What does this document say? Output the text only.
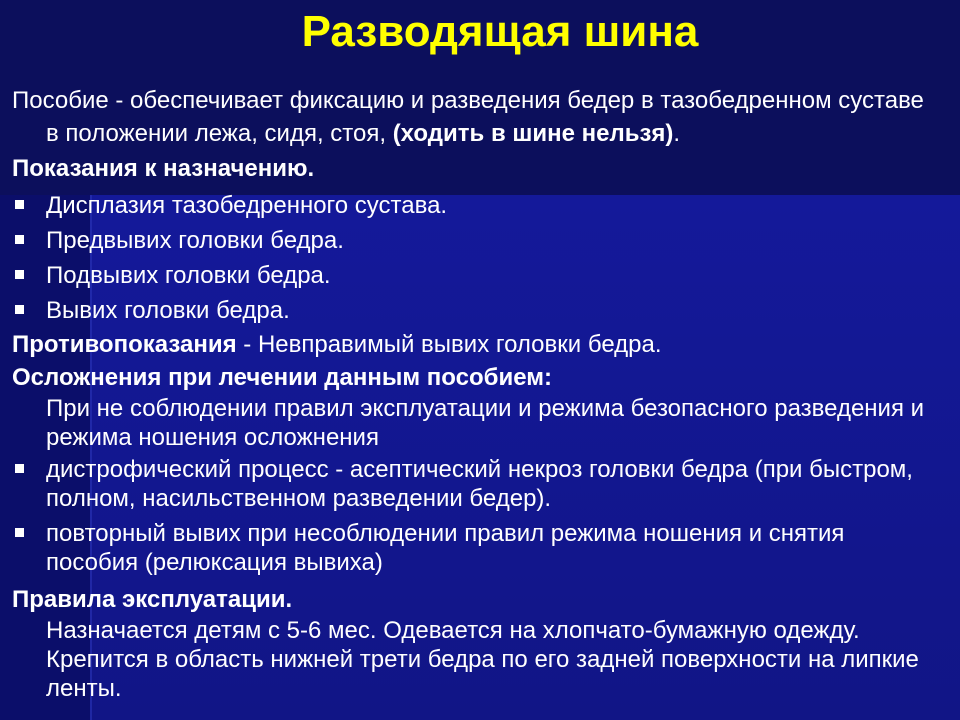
Разводящая шина
Пособие - обеспечивает фиксацию и разведения бедер в тазобедренном суставе в положении лежа, сидя, стоя, (ходить в шине нельзя).
Показания к назначению.
Дисплазия тазобедренного сустава.
Предвывих головки бедра.
Подвывих головки бедра.
Вывих головки бедра.
Противопоказания - Невправимый вывих головки бедра.
Осложнения при лечении данным пособием:
При не соблюдении правил эксплуатации и режима безопасного разведения и режима ношения осложнения
дистрофический процесс - асептический некроз головки бедра (при быстром, полном, насильственном разведении бедер).
повторный вывих при несоблюдении правил режима ношения и снятия пособия (релюксация вывиха)
Правила эксплуатации.
Назначается детям с 5-6 мес. Одевается на хлопчато-бумажную одежду. Крепится в область нижней трети бедра по его задней поверхности на липкие ленты.
